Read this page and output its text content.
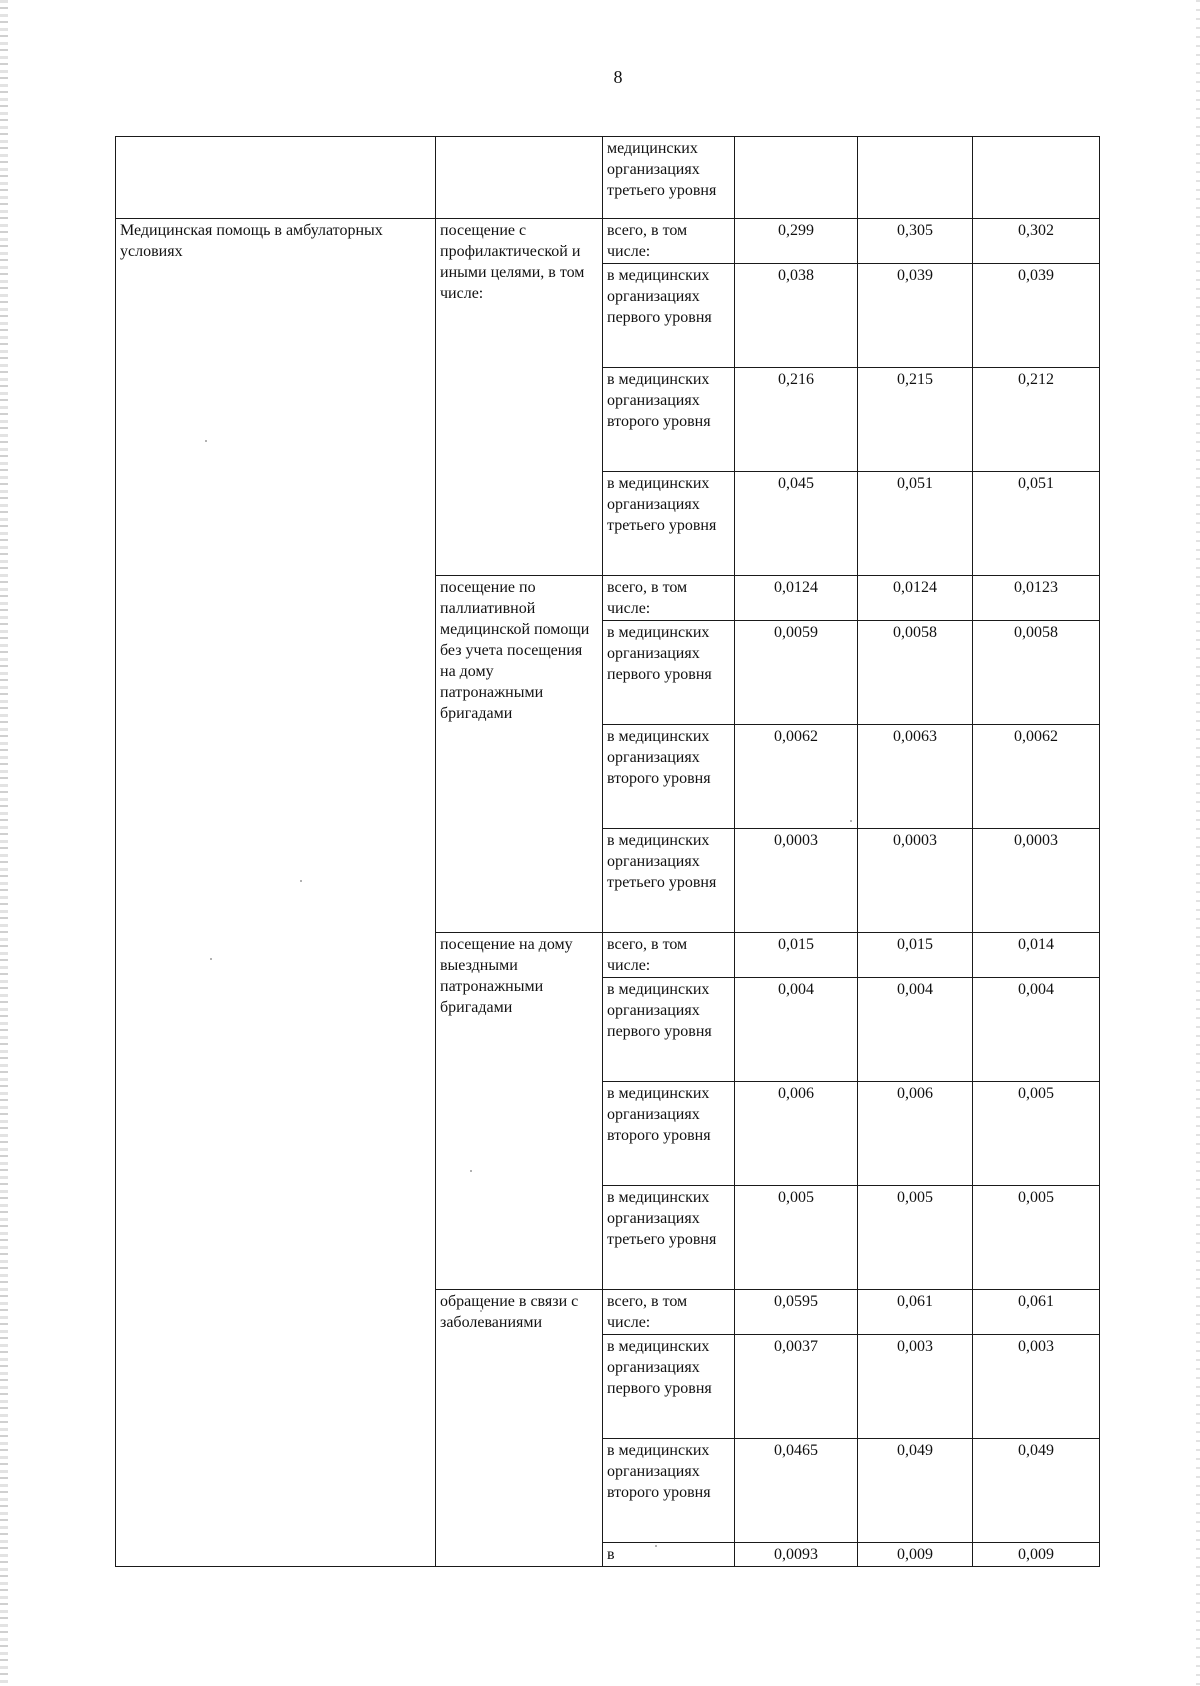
8
		медицинских организациях третьего уровня			
Медицинская помощь в амбулаторных условиях	посещение с профилактической и иными целями, в том числе:	всего, в том числе:	0,299	0,305	0,302
		в медицинских организациях первого уровня	0,038	0,039	0,039
		в медицинских организациях второго уровня	0,216	0,215	0,212
		в медицинских организациях третьего уровня	0,045	0,051	0,051
	посещение по паллиативной медицинской помощи без учета посещения на дому патронажными бригадами	всего, в том числе:	0,0124	0,0124	0,0123
		в медицинских организациях первого уровня	0,0059	0,0058	0,0058
		в медицинских организациях второго уровня	0,0062	0,0063	0,0062
		в медицинских организациях третьего уровня	0,0003	0,0003	0,0003
	посещение на дому выездными патронажными бригадами	всего, в том числе:	0,015	0,015	0,014
		в медицинских организациях первого уровня	0,004	0,004	0,004
		в медицинских организациях второго уровня	0,006	0,006	0,005
		в медицинских организациях третьего уровня	0,005	0,005	0,005
	обращение в связи с заболеваниями	всего, в том числе:	0,0595	0,061	0,061
		в медицинских организациях первого уровня	0,0037	0,003	0,003
		в медицинских организациях второго уровня	0,0465	0,049	0,049
		в	0,0093	0,009	0,009
